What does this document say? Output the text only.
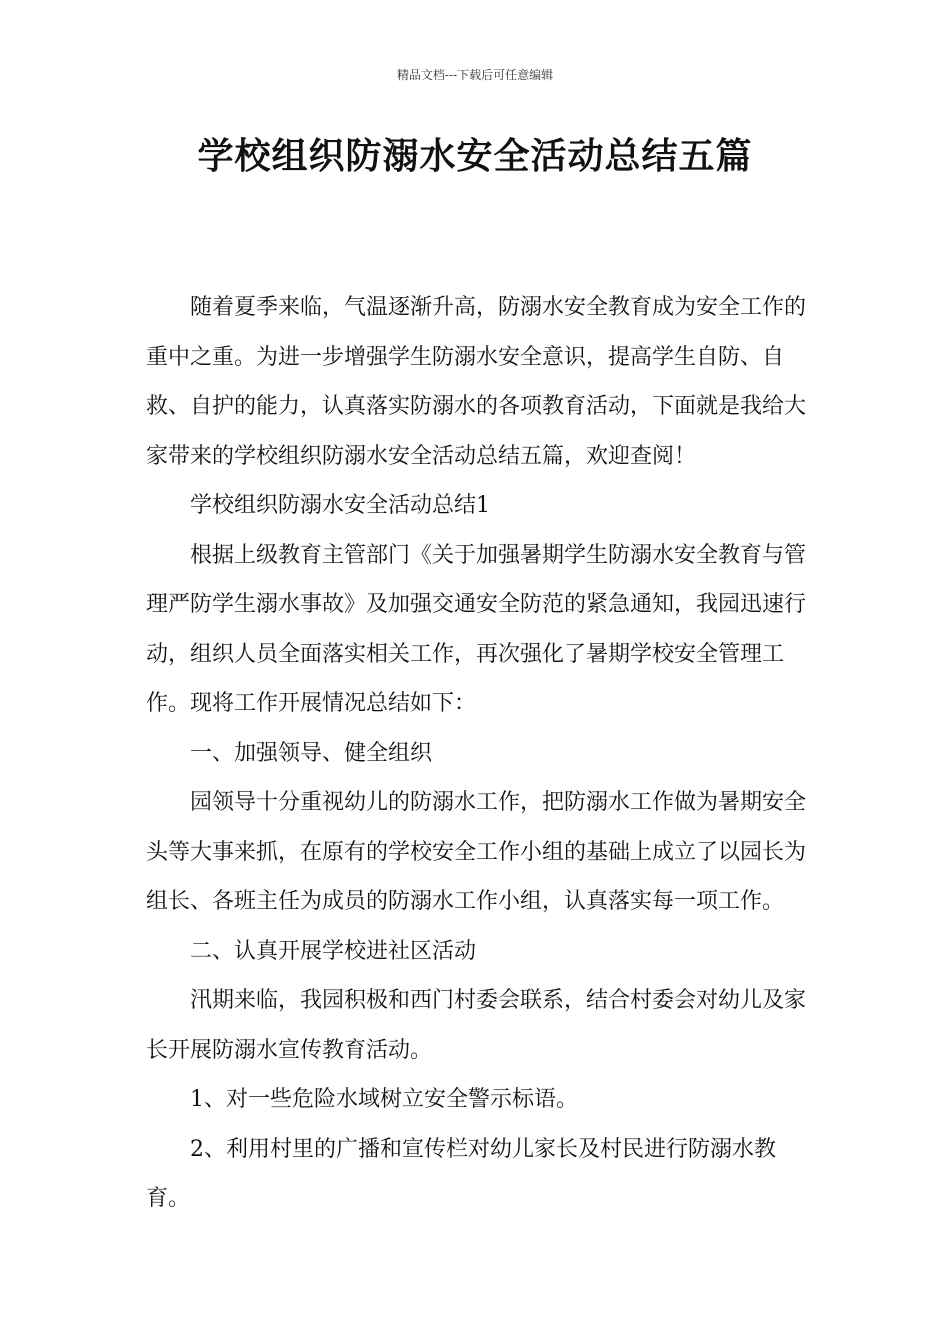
精品文档---下载后可任意编辑
学校组织防溺水安全活动总结五篇

随着夏季来临，气温逐渐升高，防溺水安全教育成为安全工作的重中之重。为进一步增强学生防溺水安全意识，提高学生自防、自救、自护的能力，认真落实防溺水的各项教育活动，下面就是我给大家带来的学校组织防溺水安全活动总结五篇，欢迎查阅！

学校组织防溺水安全活动总结1

根据上级教育主管部门《关于加强暑期学生防溺水安全教育与管理严防学生溺水事故》及加强交通安全防范的紧急通知，我园迅速行动，组织人员全面落实相关工作，再次强化了暑期学校安全管理工作。现将工作开展情况总结如下：

一、加强领导、健全组织

园领导十分重视幼儿的防溺水工作，把防溺水工作做为暑期安全头等大事来抓，在原有的学校安全工作小组的基础上成立了以园长为组长、各班主任为成员的防溺水工作小组，认真落实每一项工作。

二、认真开展学校进社区活动

汛期来临，我园积极和西门村委会联系，结合村委会对幼儿及家长开展防溺水宣传教育活动。

1、对一些危险水域树立安全警示标语。

2、利用村里的广播和宣传栏对幼儿家长及村民进行防溺水教育。
